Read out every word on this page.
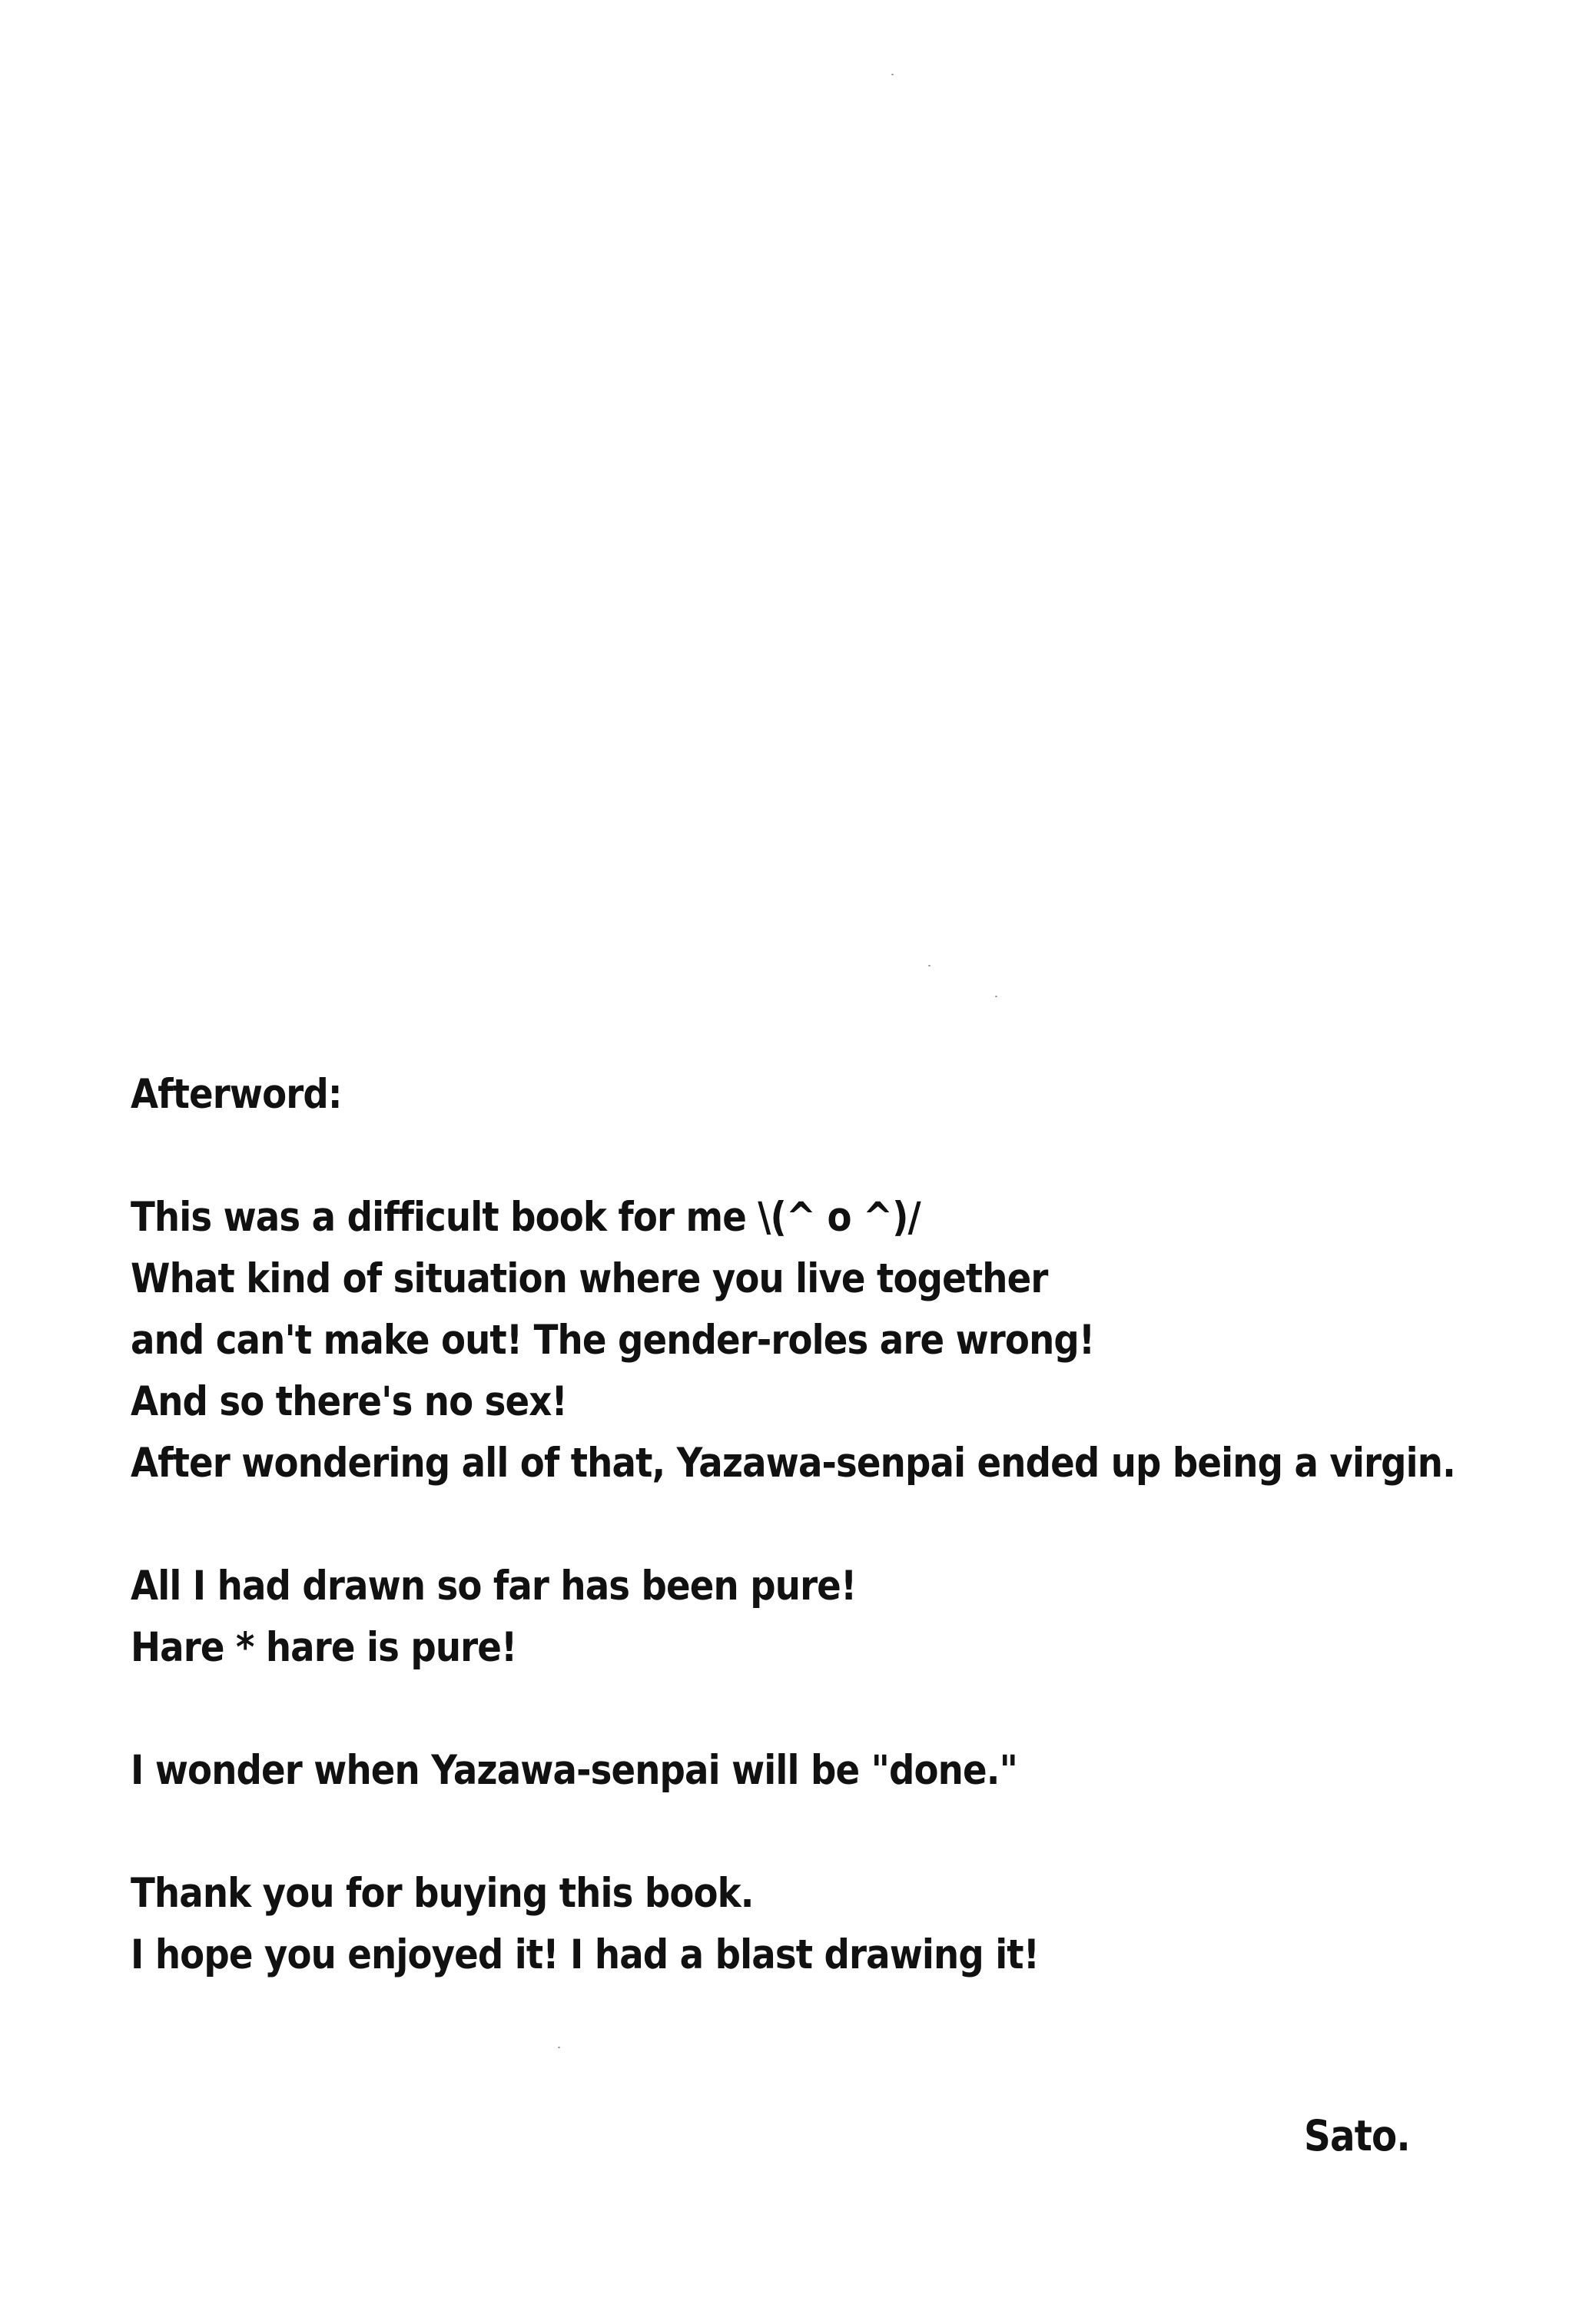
Afterword:
This was a difficult book for me \(^ o ^)/
What kind of situation where you live together
and can't make out! The gender-roles are wrong!
And so there's no sex!
After wondering all of that, Yazawa-senpai ended up being a virgin.
All I had drawn so far has been pure!
Hare * hare is pure!
I wonder when Yazawa-senpai will be "done."
Thank you for buying this book.
I hope you enjoyed it! I had a blast drawing it!
Sato.
